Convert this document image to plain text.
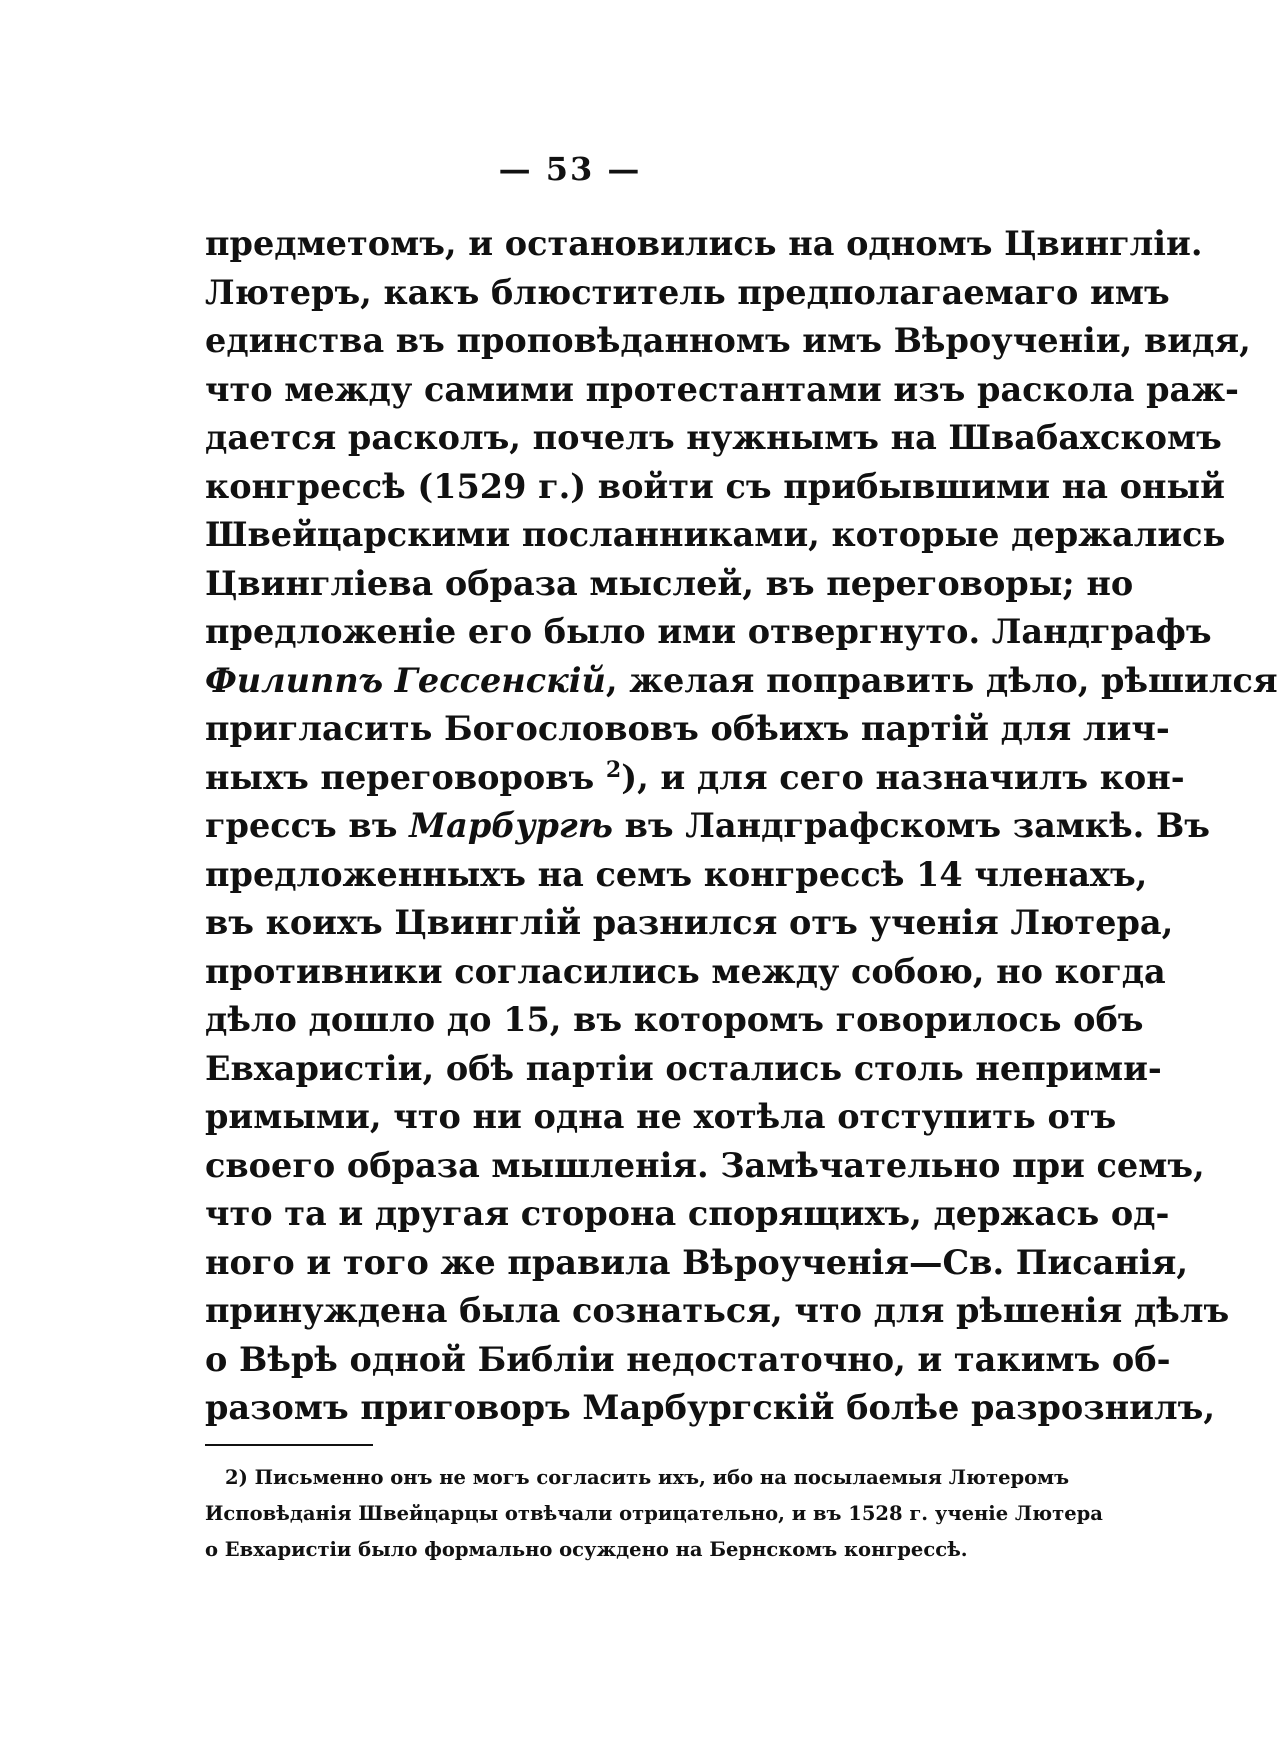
— 53 —
предметомъ, и остановились на одномъ Цвингліи.
Лютеръ, какъ блюститель предполагаемаго имъ
единства въ проповѣданномъ имъ Вѣроученіи, видя,
что между самими протестантами изъ раскола раж-
дается расколъ, почелъ нужнымъ на Швабахскомъ
конгрессѣ (1529 г.) войти съ прибывшими на оный
Швейцарскими посланниками, которые держались
Цвингліева образа мыслей, въ переговоры; но
предложеніе его было ими отвергнуто. Ландграфъ
Филиппъ Гессенскій, желая поправить дѣло, рѣшился
пригласить Богослововъ обѣихъ партій для лич-
ныхъ переговоровъ $^2$), и для сего назначилъ кон-
грессъ въ Марбургѣ въ Ландграфскомъ замкѣ. Въ
предложенныхъ на семъ конгрессѣ 14 членахъ,
въ коихъ Цвинглій разнился отъ ученія Лютера,
противники согласились между собою, но когда
дѣло дошло до 15, въ которомъ говорилось объ
Евхаристіи, обѣ партіи остались столь неприми-
римыми, что ни одна не хотѣла отступить отъ
своего образа мышленія. Замѣчательно при семъ,
что та и другая сторона спорящихъ, держась од-
ного и того же правила Вѣроученія—Св. Писанія,
принуждена была сознаться, что для рѣшенія дѣлъ
о Вѣрѣ одной Библіи недостаточно, и такимъ об-
разомъ приговоръ Марбургскій болѣе разрознилъ,
2) Письменно онъ не могъ согласить ихъ, ибо на посылаемыя Лютеромъ
Исповѣданія Швейцарцы отвѣчали отрицательно, и въ 1528 г. ученіе Лютера
о Евхаристіи было формально осуждено на Бернскомъ конгрессѣ.
